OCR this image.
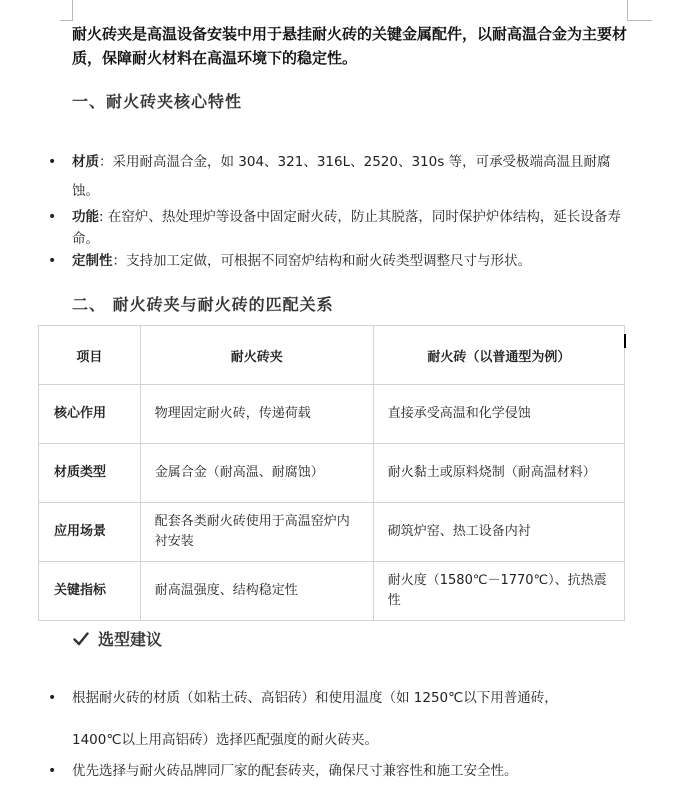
耐火砖夹是高温设备安装中用于悬挂耐火砖的关键金属配件，以耐高温合金为主要材质，保障耐火材料在高温环境下的稳定性。
一、耐火砖夹核心特性
• 材质：采用耐高温合金，如 304、321、316L、2520、310s 等，可承受极端高温且耐腐蚀。
• 功能: 在窑炉、热处理炉等设备中固定耐火砖，防止其脱落，同时保护炉体结构，延长设备寿命。
• 定制性：支持加工定做，可根据不同窑炉结构和耐火砖类型调整尺寸与形状。
二、 耐火砖夹与耐火砖的匹配关系
项目	耐火砖夹	耐火砖（以普通型为例）
核心作用	物理固定耐火砖，传递荷载	直接承受高温和化学侵蚀
材质类型	金属合金（耐高温、耐腐蚀）	耐火黏土或原料烧制（耐高温材料）
应用场景	配套各类耐火砖使用于高温窑炉内衬安装	砌筑炉窑、热工设备内衬
关键指标	耐高温强度、结构稳定性	耐火度（1580℃－1770℃）、抗热震性
选型建议
• 根据耐火砖的材质（如粘土砖、高铝砖）和使用温度（如 1250℃以下用普通砖，
1400℃以上用高铝砖）选择匹配强度的耐火砖夹。
• 优先选择与耐火砖品牌同厂家的配套砖夹，确保尺寸兼容性和施工安全性。
